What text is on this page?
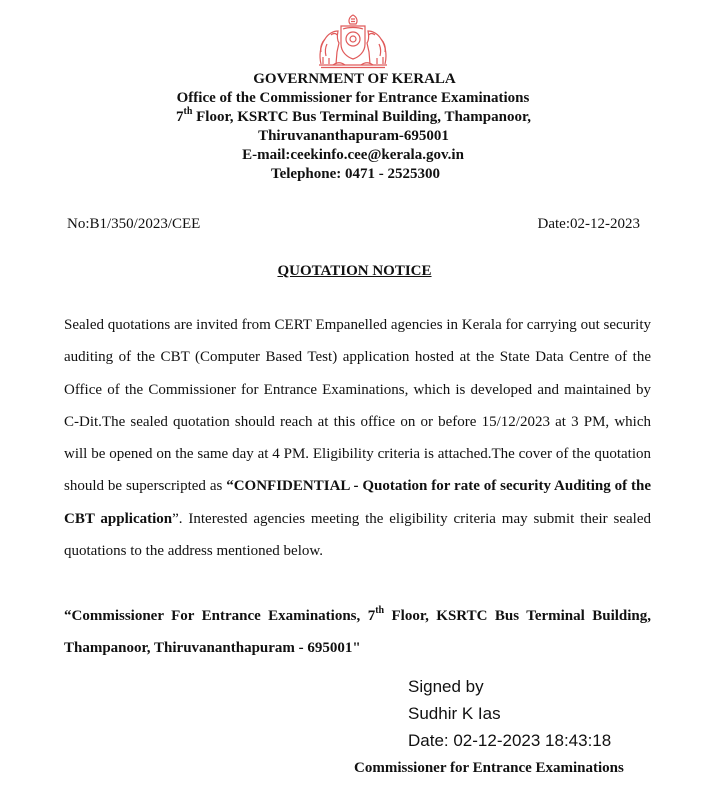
GOVERNMENT OF KERALA
Office of the Commissioner for Entrance Examinations
7th Floor, KSRTC Bus Terminal Building, Thampanoor,
Thiruvananthapuram-695001
E-mail:ceekinfo.cee@kerala.gov.in
Telephone: 0471 - 2525300
No:B1/350/2023/CEE	Date:02-12-2023
QUOTATION NOTICE
Sealed quotations are invited from CERT Empanelled agencies in Kerala for carrying out security auditing of the CBT (Computer Based Test) application hosted at the State Data Centre of the Office of the Commissioner for Entrance Examinations, which is developed and maintained by C-Dit.The sealed quotation should reach at this office on or before 15/12/2023 at 3 PM, which will be opened on the same day at 4 PM. Eligibility criteria is attached.The cover of the quotation should be superscripted as “CONFIDENTIAL - Quotation for rate of security Auditing of the CBT application”. Interested agencies meeting the eligibility criteria may submit their sealed quotations to the address mentioned below.
“Commissioner For Entrance Examinations, 7th Floor, KSRTC Bus Terminal Building, Thampanoor, Thiruvananthapuram - 695001"
Signed by
Sudhir K Ias
Date: 02-12-2023 18:43:18
Commissioner for Entrance Examinations
